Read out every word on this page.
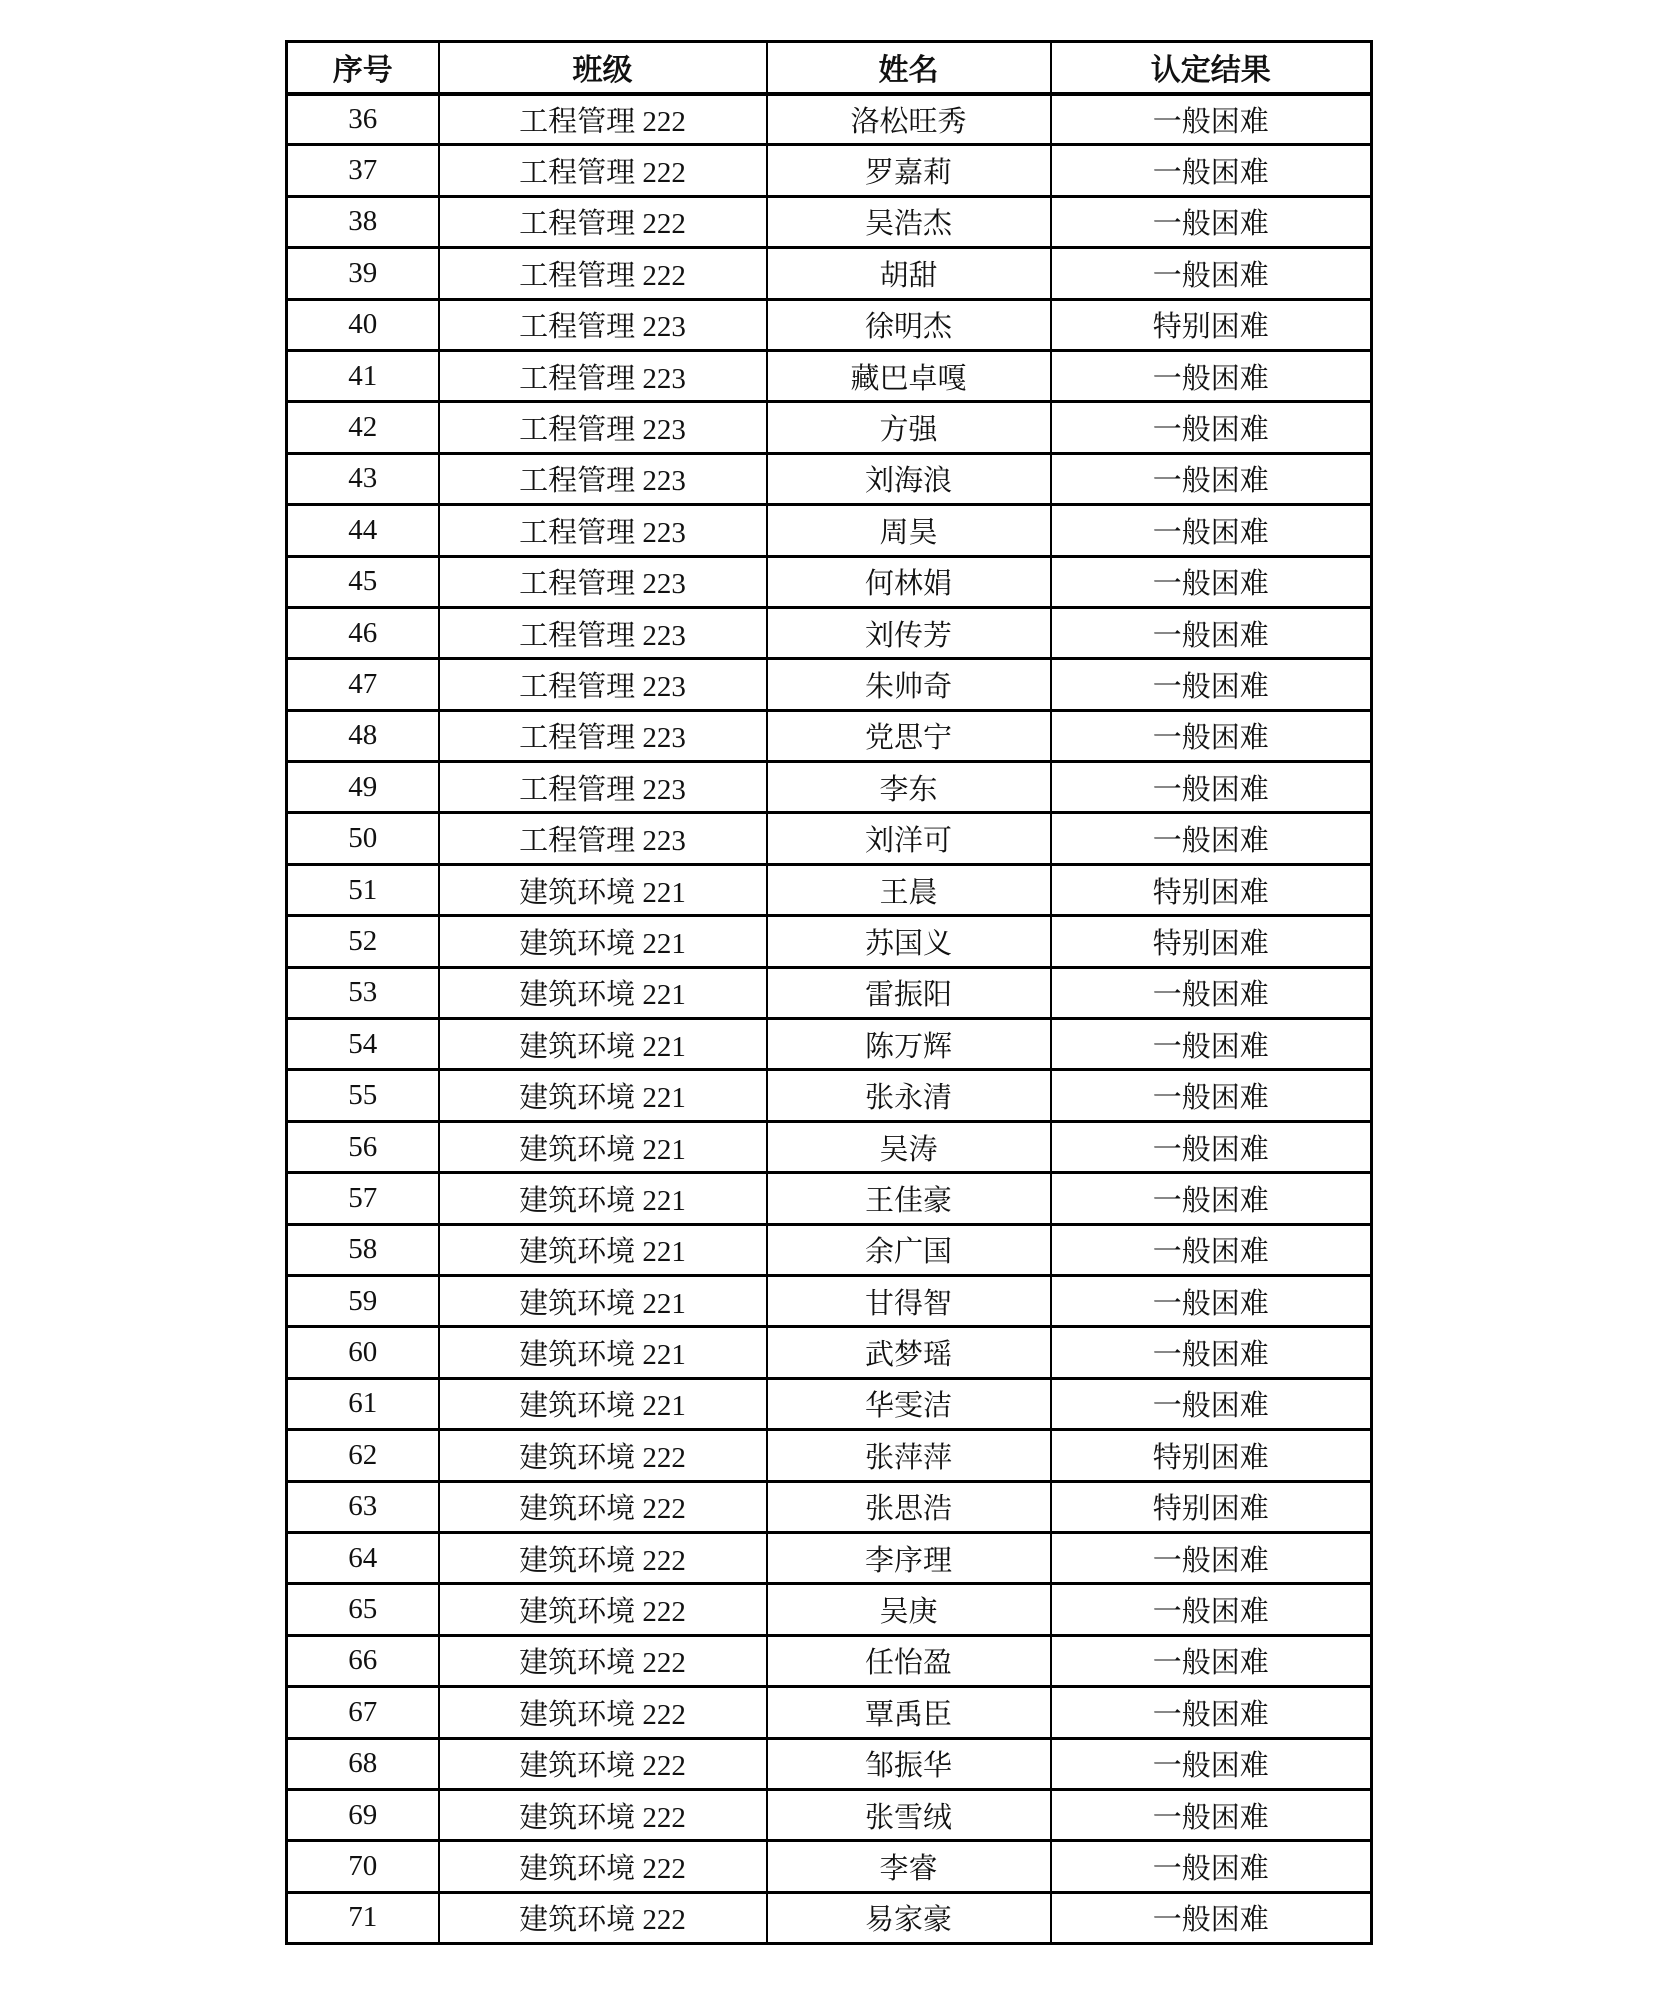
序号	班级	姓名	认定结果
36	工程管理 222	洛松旺秀	一般困难
37	工程管理 222	罗嘉莉	一般困难
38	工程管理 222	吴浩杰	一般困难
39	工程管理 222	胡甜	一般困难
40	工程管理 223	徐明杰	特别困难
41	工程管理 223	藏巴卓嘎	一般困难
42	工程管理 223	方强	一般困难
43	工程管理 223	刘海浪	一般困难
44	工程管理 223	周昊	一般困难
45	工程管理 223	何林娟	一般困难
46	工程管理 223	刘传芳	一般困难
47	工程管理 223	朱帅奇	一般困难
48	工程管理 223	党思宁	一般困难
49	工程管理 223	李东	一般困难
50	工程管理 223	刘洋可	一般困难
51	建筑环境 221	王晨	特别困难
52	建筑环境 221	苏国义	特别困难
53	建筑环境 221	雷振阳	一般困难
54	建筑环境 221	陈万辉	一般困难
55	建筑环境 221	张永清	一般困难
56	建筑环境 221	吴涛	一般困难
57	建筑环境 221	王佳豪	一般困难
58	建筑环境 221	余广国	一般困难
59	建筑环境 221	甘得智	一般困难
60	建筑环境 221	武梦瑶	一般困难
61	建筑环境 221	华雯洁	一般困难
62	建筑环境 222	张萍萍	特别困难
63	建筑环境 222	张思浩	特别困难
64	建筑环境 222	李序理	一般困难
65	建筑环境 222	吴庚	一般困难
66	建筑环境 222	任怡盈	一般困难
67	建筑环境 222	覃禹臣	一般困难
68	建筑环境 222	邹振华	一般困难
69	建筑环境 222	张雪绒	一般困难
70	建筑环境 222	李睿	一般困难
71	建筑环境 222	易家豪	一般困难
